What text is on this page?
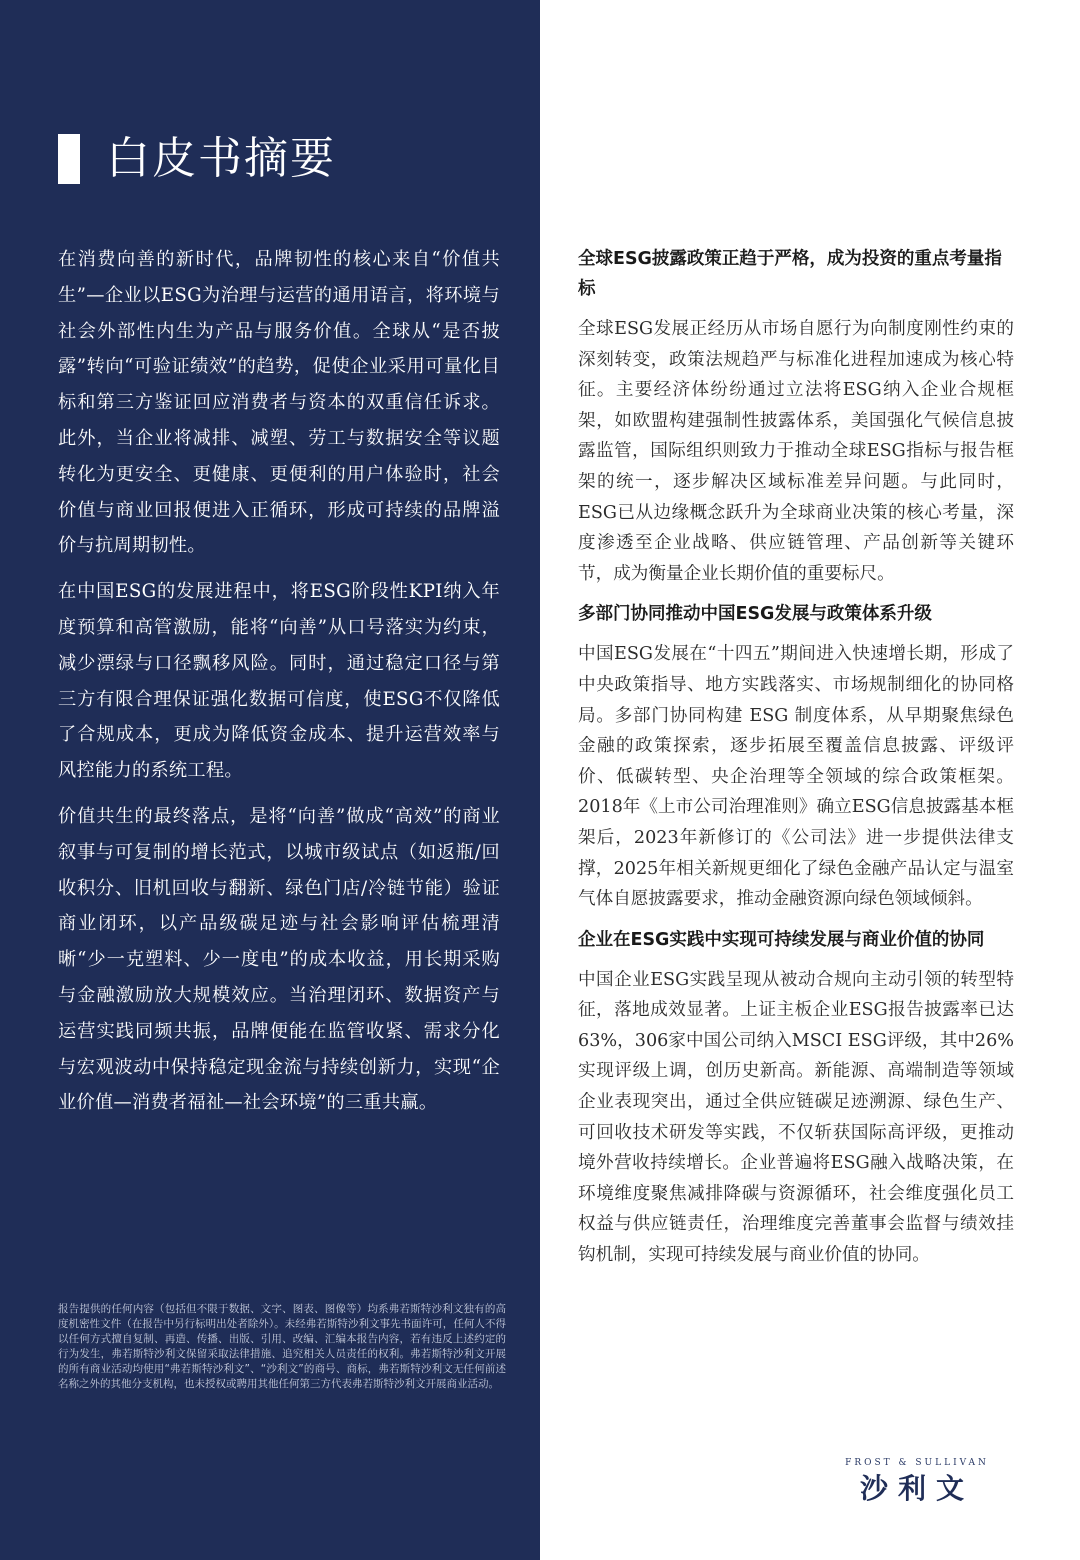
白皮书摘要

在消费向善的新时代，品牌韧性的核心来自“价值共生”—企业以ESG为治理与运营的通用语言，将环境与社会外部性内生为产品与服务价值。全球从“是否披露”转向“可验证绩效”的趋势，促使企业采用可量化目标和第三方鉴证回应消费者与资本的双重信任诉求。此外，当企业将减排、减塑、劳工与数据安全等议题转化为更安全、更健康、更便利的用户体验时，社会价值与商业回报便进入正循环，形成可持续的品牌溢价与抗周期韧性。

在中国ESG的发展进程中，将ESG阶段性KPI纳入年度预算和高管激励，能将“向善”从口号落实为约束，减少漂绿与口径飘移风险。同时，通过稳定口径与第三方有限合理保证强化数据可信度，使ESG不仅降低了合规成本，更成为降低资金成本、提升运营效率与风控能力的系统工程。

价值共生的最终落点，是将“向善”做成“高效”的商业叙事与可复制的增长范式，以城市级试点（如返瓶/回收积分、旧机回收与翻新、绿色门店/冷链节能）验证商业闭环，以产品级碳足迹与社会影响评估梳理清晰“少一克塑料、少一度电”的成本收益，用长期采购与金融激励放大规模效应。当治理闭环、数据资产与运营实践同频共振，品牌便能在监管收紧、需求分化与宏观波动中保持稳定现金流与持续创新力，实现“企业价值—消费者福祉—社会环境”的三重共赢。

报告提供的任何内容（包括但不限于数据、文字、图表、图像等）均系弗若斯特沙利文独有的高度机密性文件（在报告中另行标明出处者除外）。未经弗若斯特沙利文事先书面许可，任何人不得以任何方式擅自复制、再造、传播、出版、引用、改编、汇编本报告内容，若有违反上述约定的行为发生，弗若斯特沙利文保留采取法律措施、追究相关人员责任的权利。弗若斯特沙利文开展的所有商业活动均使用“弗若斯特沙利文”、“沙利文”的商号、商标，弗若斯特沙利文无任何前述名称之外的其他分支机构，也未授权或聘用其他任何第三方代表弗若斯特沙利文开展商业活动。

全球ESG披露政策正趋于严格，成为投资的重点考量指标

全球ESG发展正经历从市场自愿行为向制度刚性约束的深刻转变，政策法规趋严与标准化进程加速成为核心特征。主要经济体纷纷通过立法将ESG纳入企业合规框架，如欧盟构建强制性披露体系，美国强化气候信息披露监管，国际组织则致力于推动全球ESG指标与报告框架的统一，逐步解决区域标准差异问题。与此同时，ESG已从边缘概念跃升为全球商业决策的核心考量，深度渗透至企业战略、供应链管理、产品创新等关键环节，成为衡量企业长期价值的重要标尺。

多部门协同推动中国ESG发展与政策体系升级

中国ESG发展在“十四五”期间进入快速增长期，形成了中央政策指导、地方实践落实、市场规制细化的协同格局。多部门协同构建 ESG 制度体系，从早期聚焦绿色金融的政策探索，逐步拓展至覆盖信息披露、评级评价、低碳转型、央企治理等全领域的综合政策框架。2018年《上市公司治理准则》确立ESG信息披露基本框架后，2023年新修订的《公司法》进一步提供法律支撑，2025年相关新规更细化了绿色金融产品认定与温室气体自愿披露要求，推动金融资源向绿色领域倾斜。

企业在ESG实践中实现可持续发展与商业价值的协同

中国企业ESG实践呈现从被动合规向主动引领的转型特征，落地成效显著。上证主板企业ESG报告披露率已达63%，306家中国公司纳入MSCI ESG评级，其中26%实现评级上调，创历史新高。新能源、高端制造等领域企业表现突出，通过全供应链碳足迹溯源、绿色生产、可回收技术研发等实践，不仅斩获国际高评级，更推动境外营收持续增长。企业普遍将ESG融入战略决策，在环境维度聚焦减排降碳与资源循环，社会维度强化员工权益与供应链责任，治理维度完善董事会监督与绩效挂钩机制，实现可持续发展与商业价值的协同。

FROST & SULLIVAN

沙利文
